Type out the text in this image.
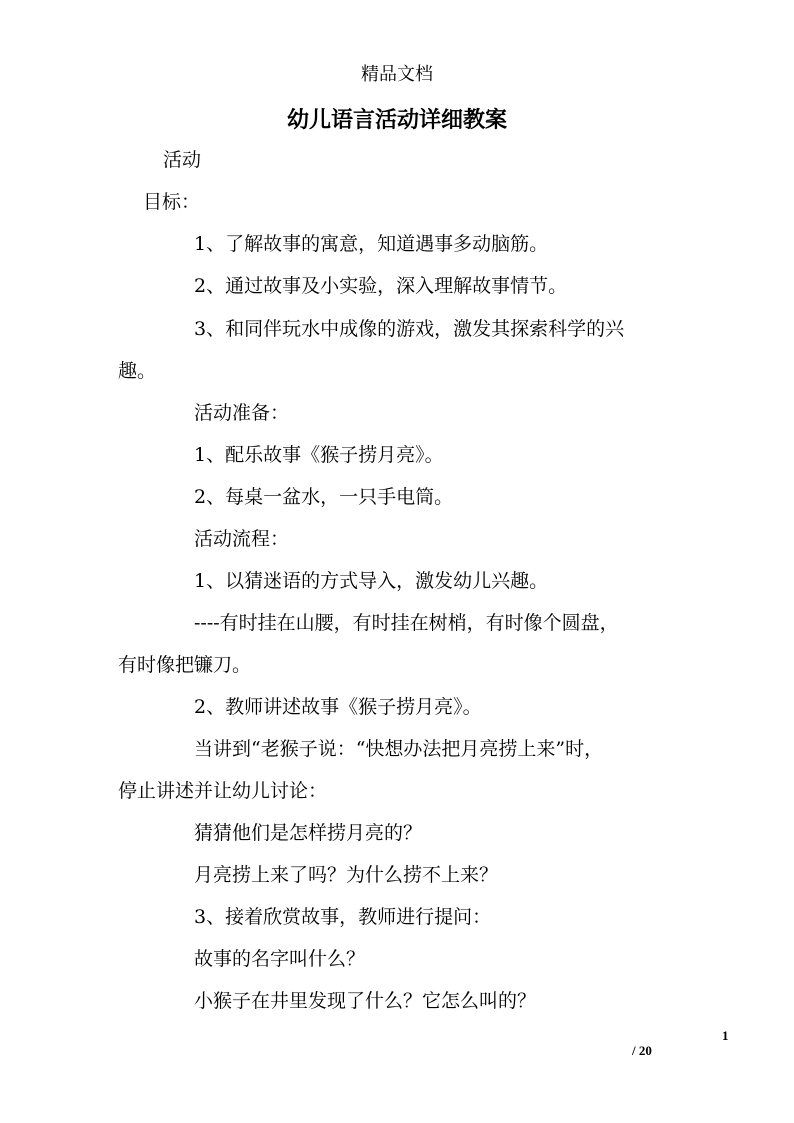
精品文档
幼儿语言活动详细教案
活动
目标：
1、了解故事的寓意，知道遇事多动脑筋。
2、通过故事及小实验，深入理解故事情节。
3、和同伴玩水中成像的游戏，激发其探索科学的兴
趣。
活动准备：
1、配乐故事《猴子捞月亮》。
2、每桌一盆水，一只手电筒。
活动流程：
1、以猜迷语的方式导入，激发幼儿兴趣。
----有时挂在山腰，有时挂在树梢，有时像个圆盘，
有时像把镰刀。
2、教师讲述故事《猴子捞月亮》。
当讲到“老猴子说：“快想办法把月亮捞上来”时，
停止讲述并让幼儿讨论：
猜猜他们是怎样捞月亮的？
月亮捞上来了吗？为什么捞不上来？
3、接着欣赏故事，教师进行提问：
故事的名字叫什么？
小猴子在井里发现了什么？它怎么叫的？
1
/ 20
